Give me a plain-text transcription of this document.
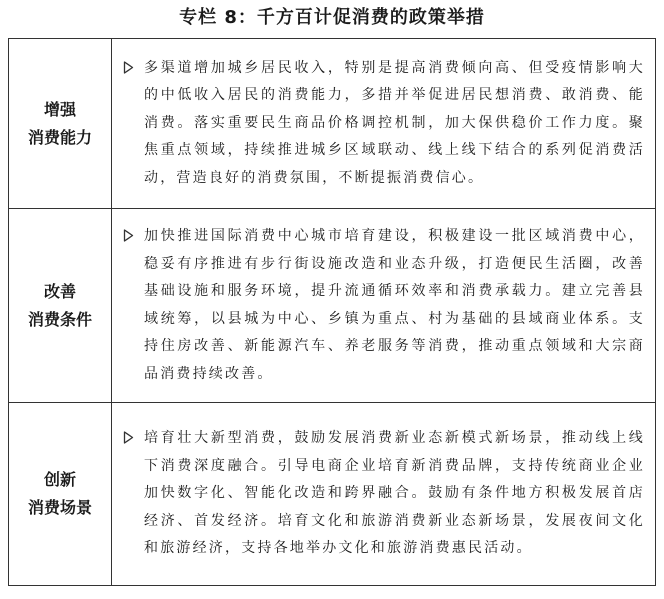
专栏 8：千方百计促消费的政策举措
增强
消费能力	多渠道增加城乡居民收入，特别是提高消费倾向高、但受疫情影响大的中低收入居民的消费能力，多措并举促进居民想消费、敢消费、能消费。落实重要民生商品价格调控机制，加大保供稳价工作力度。聚焦重点领域，持续推进城乡区域联动、线上线下结合的系列促消费活动，营造良好的消费氛围，不断提振消费信心。

改善
消费条件	加快推进国际消费中心城市培育建设，积极建设一批区域消费中心，稳妥有序推进有步行街设施改造和业态升级，打造便民生活圈，改善基础设施和服务环境，提升流通循环效率和消费承载力。建立完善县域统筹，以县城为中心、乡镇为重点、村为基础的县域商业体系。支持住房改善、新能源汽车、养老服务等消费，推动重点领域和大宗商品消费持续改善。

创新
消费场景	培育壮大新型消费，鼓励发展消费新业态新模式新场景，推动线上线下消费深度融合。引导电商企业培育新消费品牌，支持传统商业企业加快数字化、智能化改造和跨界融合。鼓励有条件地方积极发展首店经济、首发经济。培育文化和旅游消费新业态新场景，发展夜间文化和旅游经济，支持各地举办文化和旅游消费惠民活动。
